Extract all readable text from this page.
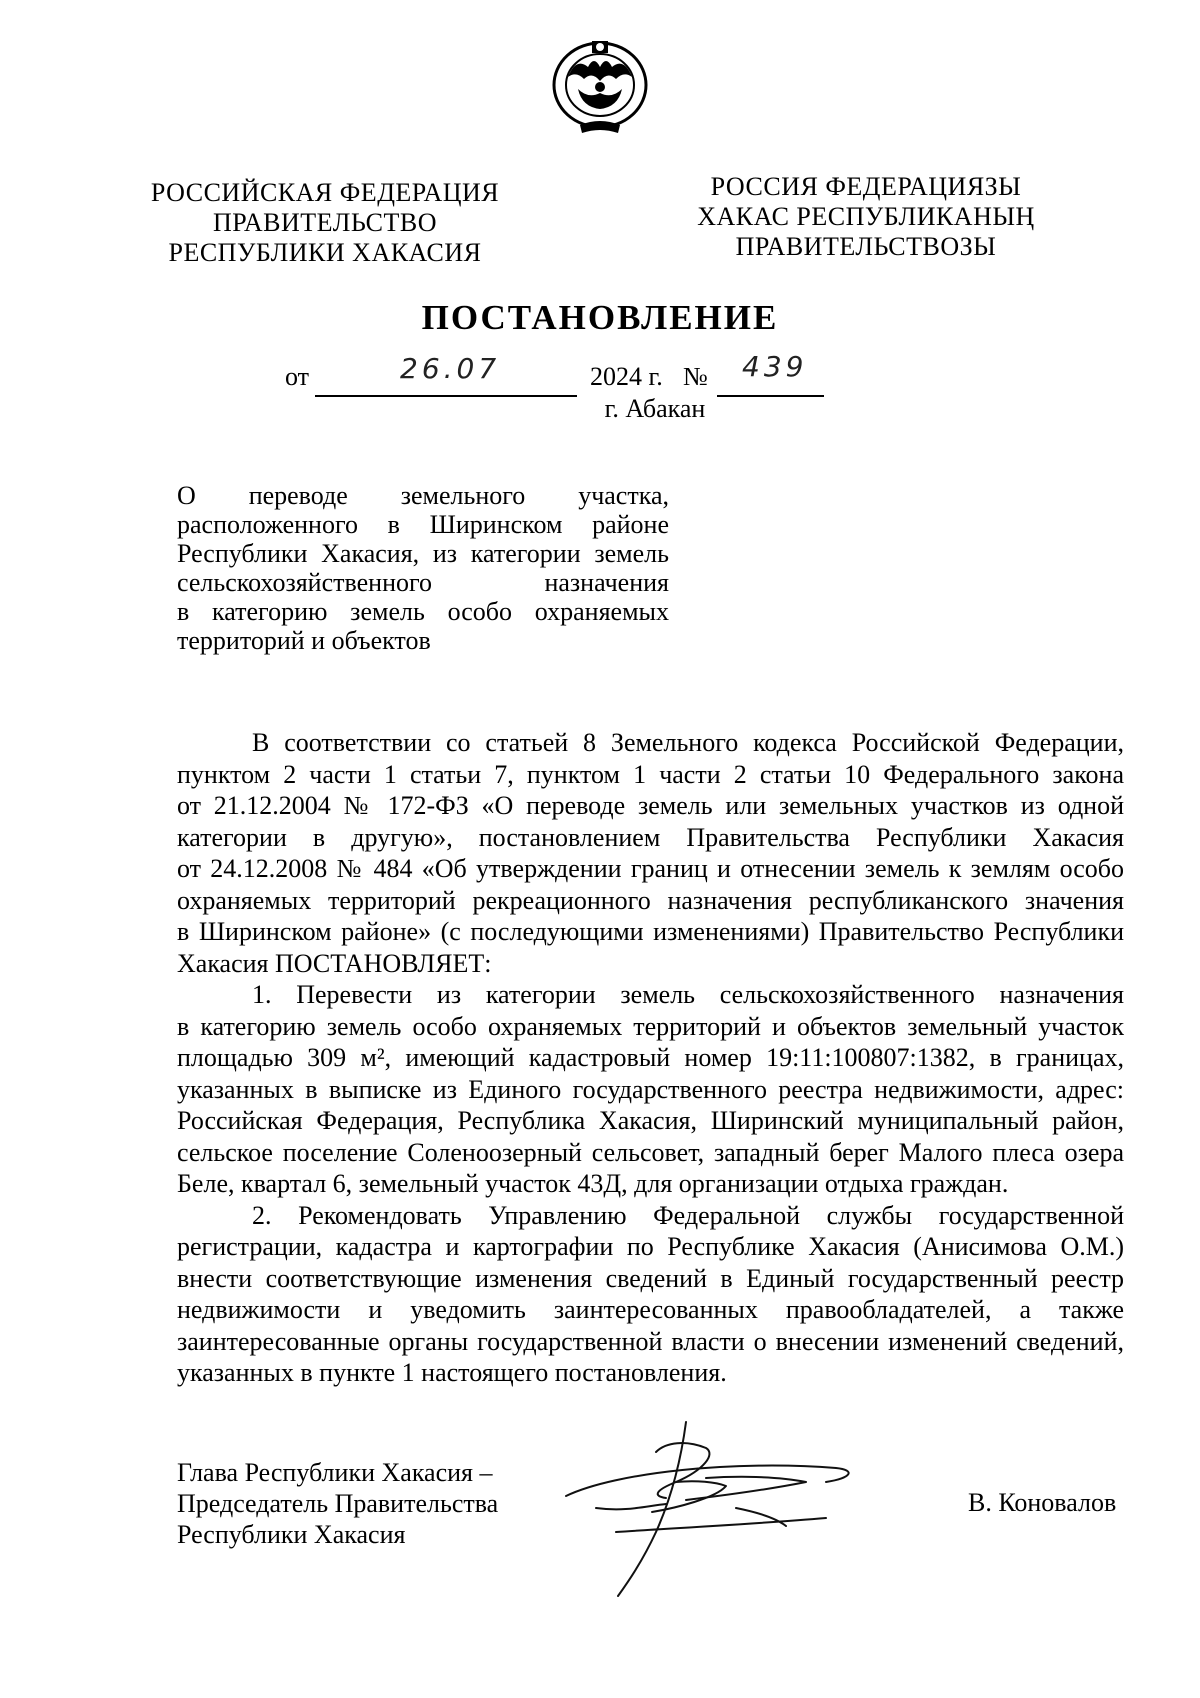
РОССИЙСКАЯ ФЕДЕРАЦИЯ
ПРАВИТЕЛЬСТВО
РЕСПУБЛИКИ ХАКАСИЯ
РОССИЯ ФЕДЕРАЦИЯЗЫ
ХАКАС РЕСПУБЛИКАНЫҢ
ПРАВИТЕЛЬСТВОЗЫ
ПОСТАНОВЛЕНИЕ
от	26.07	2024 г. № 439
г. Абакан
О переводе земельного участка,
расположенного в Ширинском районе
Республики Хакасия, из категории земель
сельскохозяйственного назначения
в категорию земель особо охраняемых
территорий и объектов
В соответствии со статьей 8 Земельного кодекса Российской Федерации,
пунктом 2 части 1 статьи 7, пунктом 1 части 2 статьи 10 Федерального закона
от 21.12.2004 № 172-ФЗ «О переводе земель или земельных участков из одной
категории в другую», постановлением Правительства Республики Хакасия
от 24.12.2008 № 484 «Об утверждении границ и отнесении земель к землям особо
охраняемых территорий рекреационного назначения республиканского значения
в Ширинском районе» (с последующими изменениями) Правительство Республики
Хакасия ПОСТАНОВЛЯЕТ:
1. Перевести из категории земель сельскохозяйственного назначения
в категорию земель особо охраняемых территорий и объектов земельный участок
площадью 309 м², имеющий кадастровый номер 19:11:100807:1382, в границах,
указанных в выписке из Единого государственного реестра недвижимости, адрес:
Российская Федерация, Республика Хакасия, Ширинский муниципальный район,
сельское поселение Соленоозерный сельсовет, западный берег Малого плеса озера
Беле, квартал 6, земельный участок 43Д, для организации отдыха граждан.
2. Рекомендовать Управлению Федеральной службы государственной
регистрации, кадастра и картографии по Республике Хакасия (Анисимова О.М.)
внести соответствующие изменения сведений в Единый государственный реестр
недвижимости и уведомить заинтересованных правообладателей, а также
заинтересованные органы государственной власти о внесении изменений сведений,
указанных в пункте 1 настоящего постановления.
Глава Республики Хакасия –
Председатель Правительства
Республики Хакасия
В. Коновалов
